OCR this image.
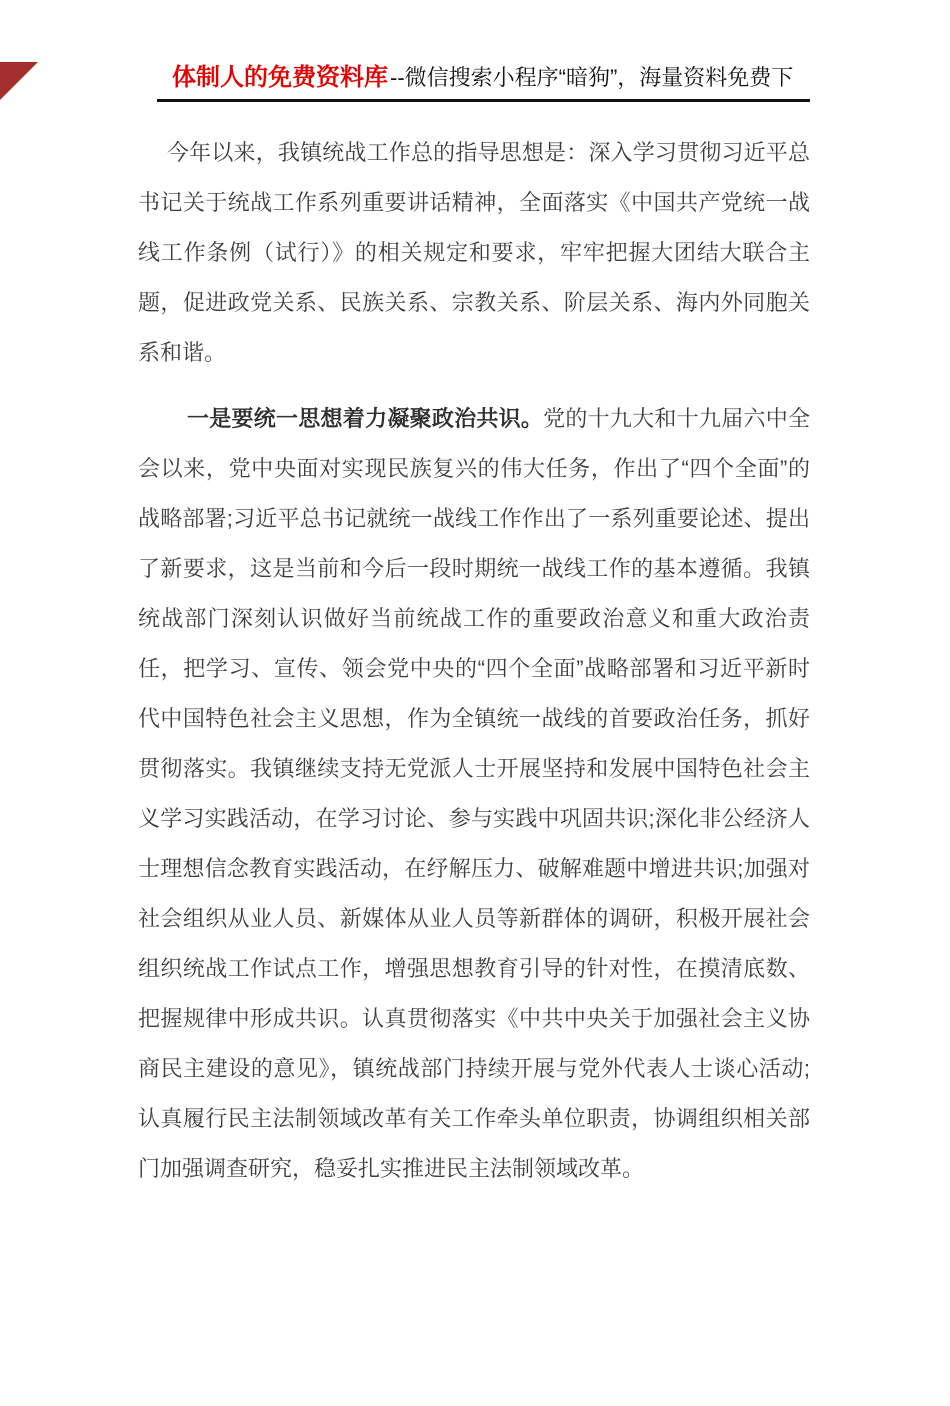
体制人的免费资料库 --微信搜索小程序“暗狗”，海量资料免费下

今年以来，我镇统战工作总的指导思想是：深入学习贯彻习近平总书记关于统战工作系列重要讲话精神，全面落实《中国共产党统一战线工作条例（试行）》的相关规定和要求，牢牢把握大团结大联合主题，促进政党关系、民族关系、宗教关系、阶层关系、海内外同胞关系和谐。

一是要统一思想着力凝聚政治共识。党的十九大和十九届六中全会以来，党中央面对实现民族复兴的伟大任务，作出了“四个全面”的战略部署;习近平总书记就统一战线工作作出了一系列重要论述、提出了新要求，这是当前和今后一段时期统一战线工作的基本遵循。我镇统战部门深刻认识做好当前统战工作的重要政治意义和重大政治责任，把学习、宣传、领会党中央的“四个全面”战略部署和习近平新时代中国特色社会主义思想，作为全镇统一战线的首要政治任务，抓好贯彻落实。我镇继续支持无党派人士开展坚持和发展中国特色社会主义学习实践活动，在学习讨论、参与实践中巩固共识;深化非公经济人士理想信念教育实践活动，在纾解压力、破解难题中增进共识;加强对社会组织从业人员、新媒体从业人员等新群体的调研，积极开展社会组织统战工作试点工作，增强思想教育引导的针对性，在摸清底数、把握规律中形成共识。认真贯彻落实《中共中央关于加强社会主义协商民主建设的意见》，镇统战部门持续开展与党外代表人士谈心活动;认真履行民主法制领域改革有关工作牵头单位职责，协调组织相关部门加强调查研究，稳妥扎实推进民主法制领域改革。
